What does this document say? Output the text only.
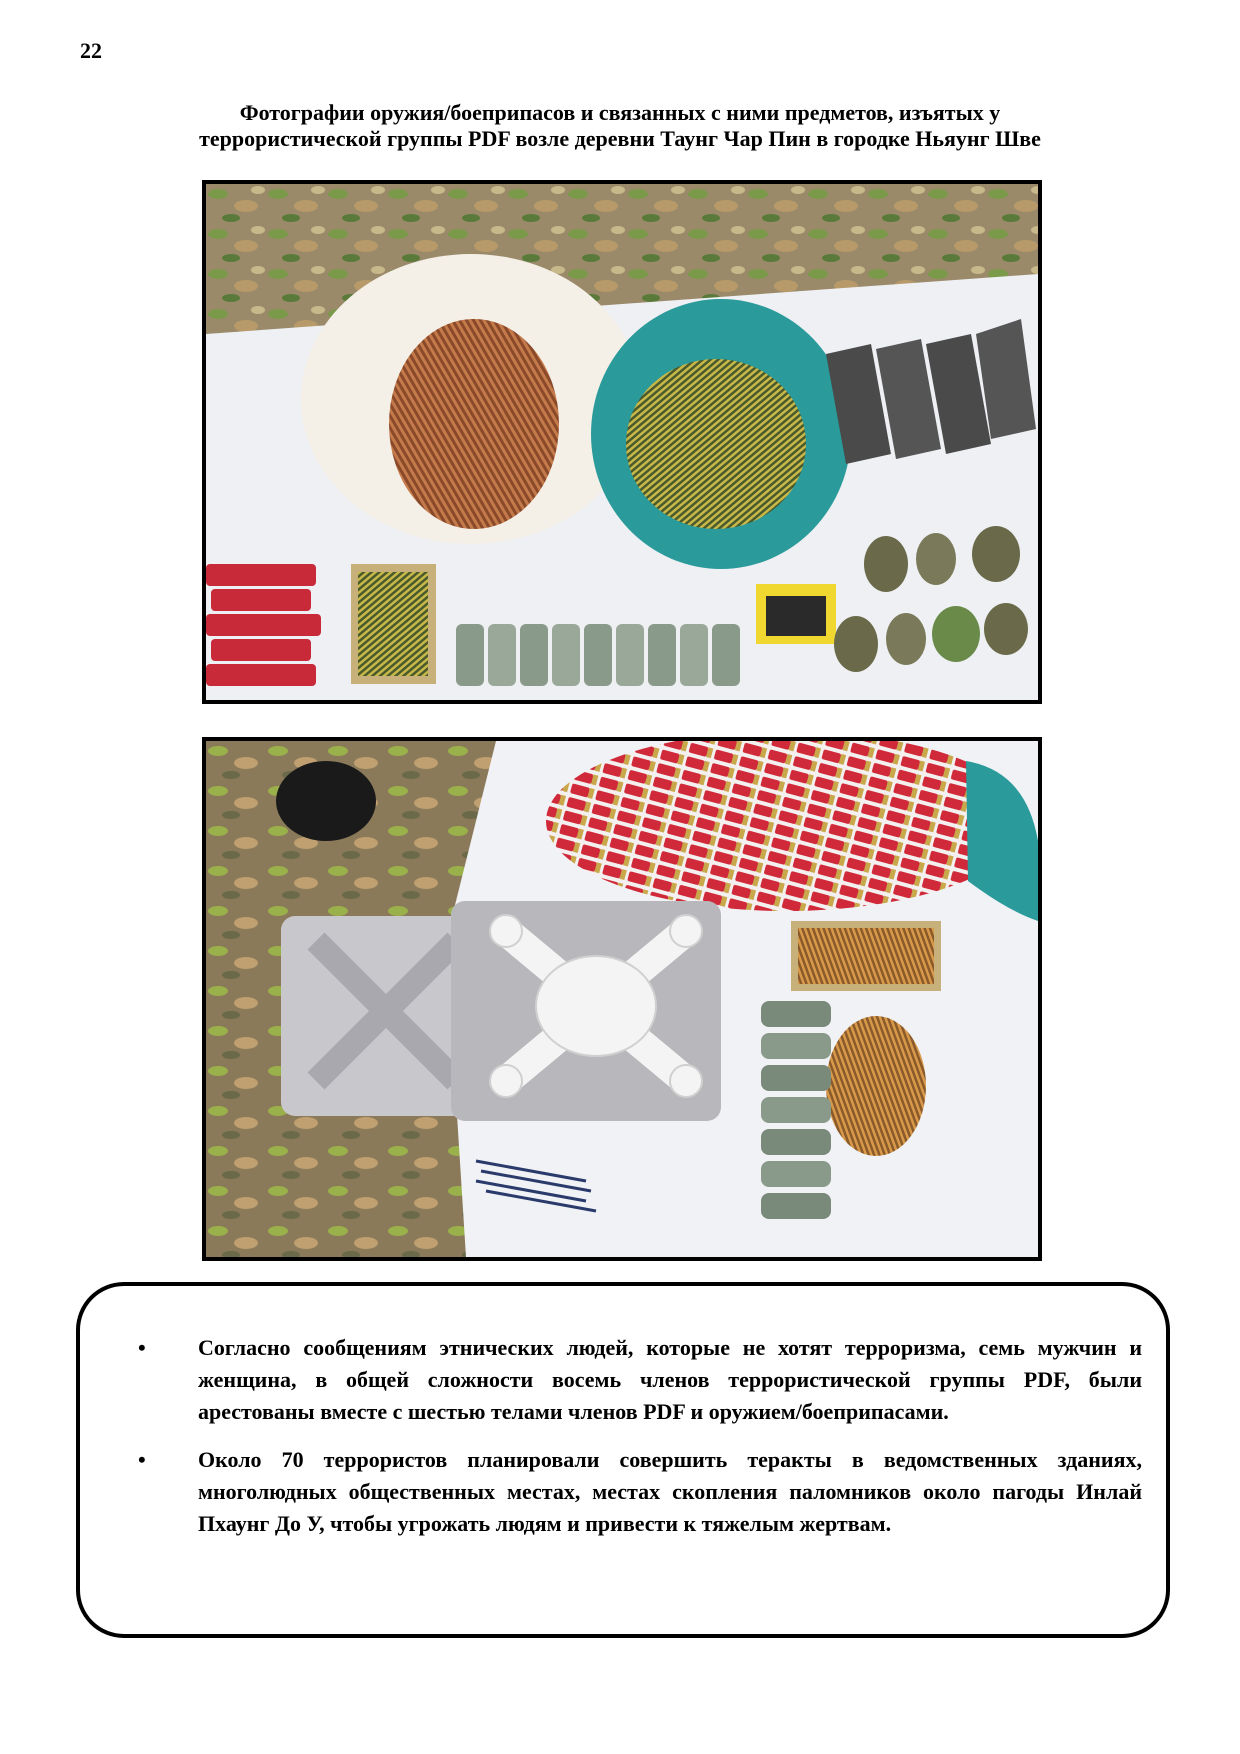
22
Фотографии оружия/боеприпасов и связанных с ними предметов, изъятых у
террористической группы PDF возле деревни Таунг Чар Пин в городке Ньяунг Шве
• Согласно сообщениям этнических людей, которые не хотят терроризма, семь мужчин и женщина, в общей сложности восемь членов террористической группы PDF, были арестованы вместе с шестью телами членов PDF и оружием/боеприпасами.
• Около 70 террористов планировали совершить теракты в ведомственных зданиях, многолюдных общественных местах, местах скопления паломников около пагоды Инлай Пхаунг До У, чтобы угрожать людям и привести к тяжелым жертвам.
